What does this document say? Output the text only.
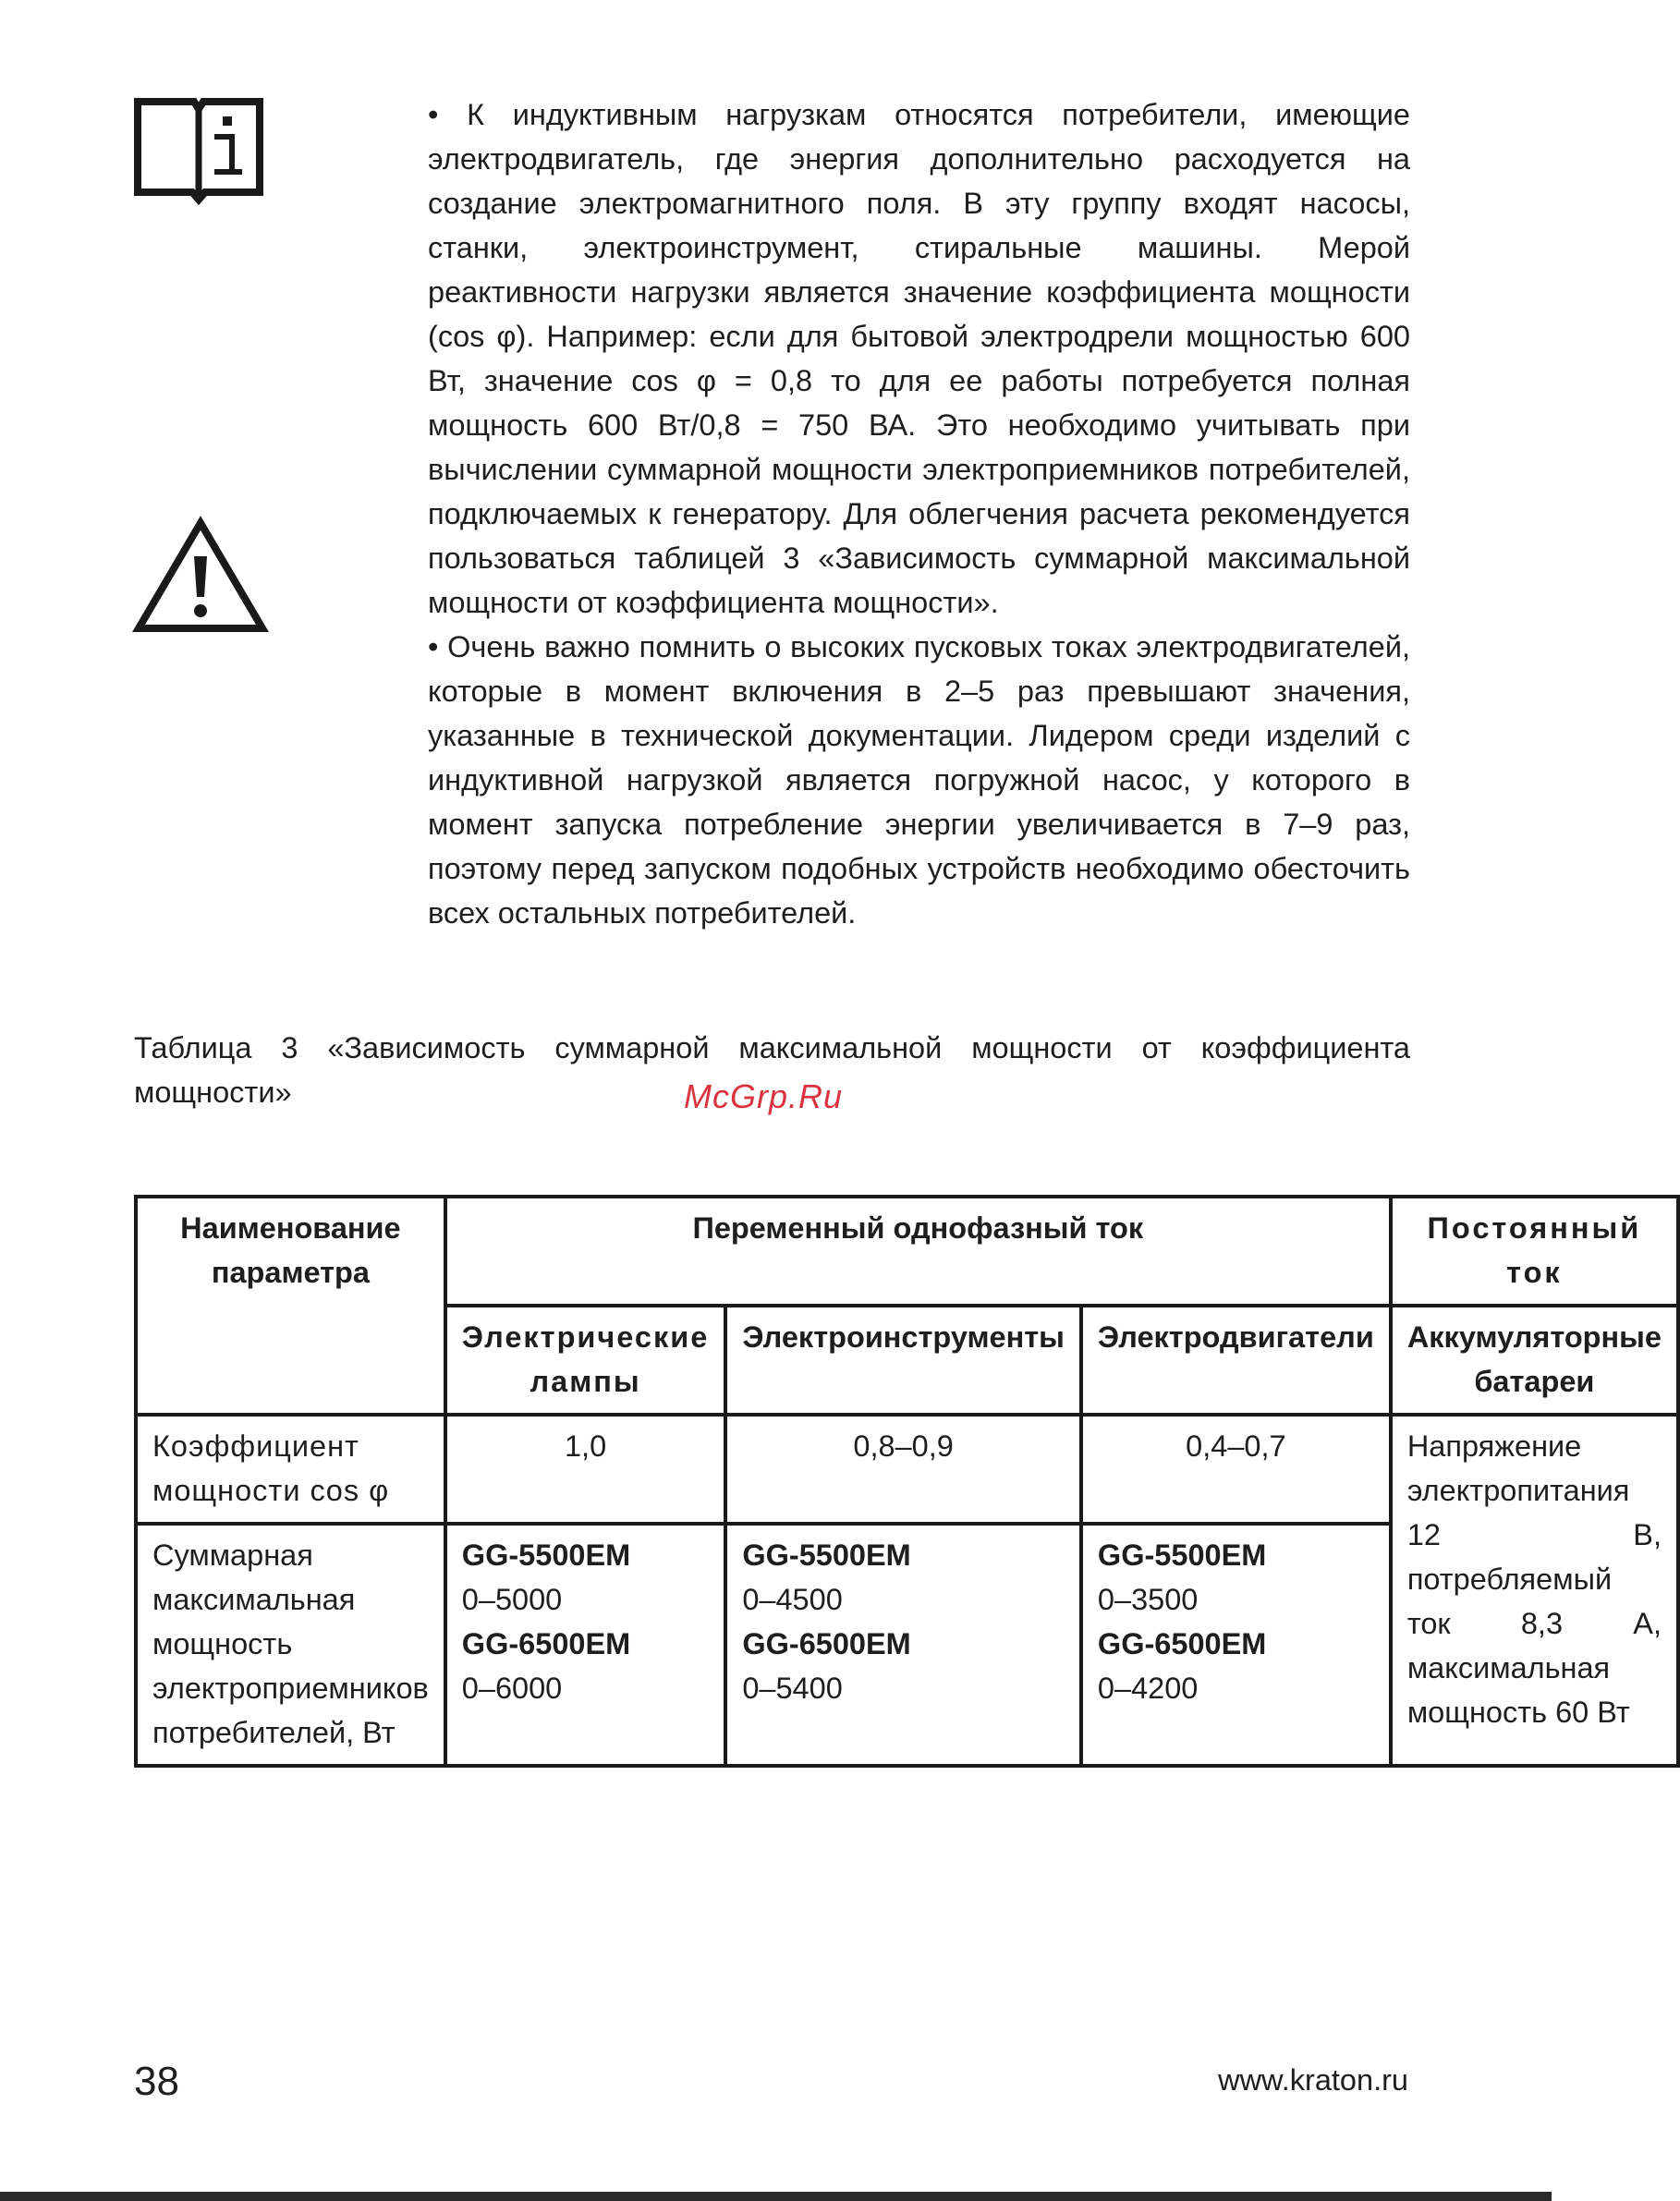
• К индуктивным нагрузкам относятся потребители, имеющие электродвигатель, где энергия дополнительно расходуется на создание электромагнитного поля. В эту группу входят насосы, станки, электроинструмент, стиральные машины. Мерой реактивности нагрузки является значение коэффициента мощности (cos φ). Например: если для бытовой электродрели мощностью 600 Вт, значение cos φ = 0,8 то для ее работы потребуется полная мощность 600 Вт/0,8 = 750 ВА. Это необходимо учитывать при вычислении суммарной мощности электроприемников потребителей, подключаемых к генератору. Для облегчения расчета рекомендуется пользоваться таблицей 3 «Зависимость суммарной максимальной мощности от коэффициента мощности».

• Очень важно помнить о высоких пусковых токах электродвигателей, которые в момент включения в 2–5 раз превышают значения, указанные в технической документации. Лидером среди изделий с индуктивной нагрузкой является погружной насос, у которого в момент запуска потребление энергии увеличивается в 7–9 раз, поэтому перед запуском подобных устройств необходимо обесточить всех остальных потребителей.

Таблица 3 «Зависимость суммарной максимальной мощности от коэффициента мощности»	McGrp.Ru
Наименование параметра	Переменный однофазный ток			Постоянный ток
	Электрические лампы	Электроинструменты	Электродвигатели	Аккумуляторные батареи
Коэффициент мощности cos φ	1,0	0,8–0,9	0,4–0,7	Напряжение электропитания 12 В, потребляемый ток 8,3 А, максимальная мощность 60 Вт
Суммарная максимальная мощность электроприемников потребителей, Вт	GG-5500EM
0–5000
GG-6500EM
0–6000	GG-5500EM
0–4500
GG-6500EM
0–5400	GG-5500EM
0–3500
GG-6500EM
0–4200	
38	www.kraton.ru
